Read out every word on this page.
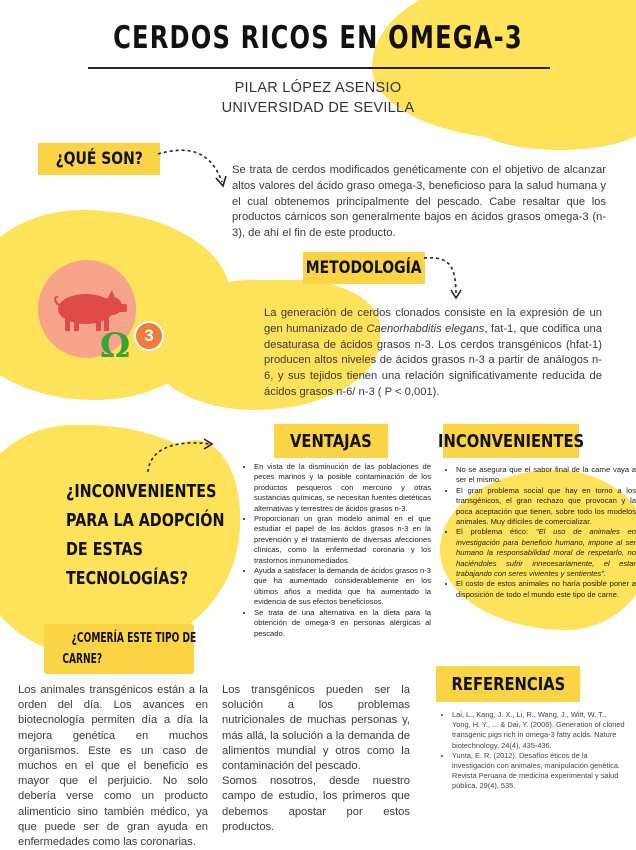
CERDOS RICOS EN OMEGA-3
PILAR LÓPEZ ASENSIO
UNIVERSIDAD DE SEVILLA
¿QUÉ SON?
Se trata de cerdos modificados genéticamente con el objetivo de alcanzar altos valores del ácido graso omega-3, beneficioso para la salud humana y el cual obtenemos principalmente del pescado. Cabe resaltar que los productos cárnicos son generalmente bajos en ácidos grasos omega-3 (n-3), de ahí el fin de este producto.
METODOLOGÍA
La generación de cerdos clonados consiste en la expresión de un gen humanizado de Caenorhabditis elegans, fat-1, que codifica una desaturasa de ácidos grasos n-3. Los cerdos transgénicos (hfat-1) producen altos niveles de ácidos grasos n-3 a partir de análogos n-6, y sus tejidos tienen una relación significativamente reducida de ácidos grasos n-6/ n-3 ( P < 0,001).
Ω 3
VENTAJAS
• En vista de la disminución de las poblaciones de peces marinos y la posible contaminación de los productos pesqueros con mercurio y otras sustancias químicas, se necesitan fuentes dietéticas alternativas y terrestres de ácidos grasos n-3.
• Proporcionan un gran modelo animal en el que estudiar el papel de los ácidos grasos n-3 en la prevención y el tratamiento de diversas afecciones clínicas, como la enfermedad coronaria y los trastornos inmunomediados.
• Ayuda a satisfacer la demanda de ácidos grasos n-3 que ha aumentado considerablemente en los últimos años a medida que ha aumentado la evidencia de sus efectos beneficiosos.
• Se trata de una alternativa en la dieta para la obtención de omega-3 en personas alérgicas al pescado.
INCONVENIENTES
• No se asegura que el sabor final de la carne vaya a ser el mismo.
• El gran problema social que hay en torno a los transgénicos, el gran rechazo que provocan y la poca aceptación que tienen, sobre todo los modelos animales. Muy difíciles de comercializar.
• El problema ético: "El uso de animales en investigación para beneficio humano, impone al ser humano la responsabilidad moral de respetarlo, no haciéndoles sufrir innecesariamente, el estar trabajando con seres vivientes y sentientes".
• El costo de estos animales no haría posible poner a disposición de todo el mundo este tipo de carne.
¿INCONVENIENTES
PARA LA ADOPCIÓN
DE ESTAS
TECNOLOGÍAS?
¿COMERÍA ESTE TIPO DE
CARNE?
Los animales transgénicos están a la orden del día. Los avances en biotecnología permiten día a día la mejora genética en muchos organismos. Este es un caso de muchos en el que el beneficio es mayor que el perjuicio. No solo debería verse como un producto alimenticio sino también médico, ya que puede ser de gran ayuda en enfermedades como las coronarias.
Los transgénicos pueden ser la solución a los problemas nutricionales de muchas personas y, más allá, la solución a la demanda de alimentos mundial y otros como la contaminación del pescado.
Somos nosotros, desde nuestro campo de estudio, los primeros que debemos apostar por estos productos.
REFERENCIAS
• Lai, L., Kang, J. X., Li, R., Wang, J., Witt, W. T., Yong, H. Y., ... & Dai, Y. (2006). Generation of cloned transgenic pigs rich in omega-3 fatty acids. Nature biotechnology, 24(4), 435-436.
• Yunta, E. R. (2012). Desafíos éticos de la investigación con animales, manipulación genética. Revista Peruana de medicina experimental y salud pública, 29(4), 535.
